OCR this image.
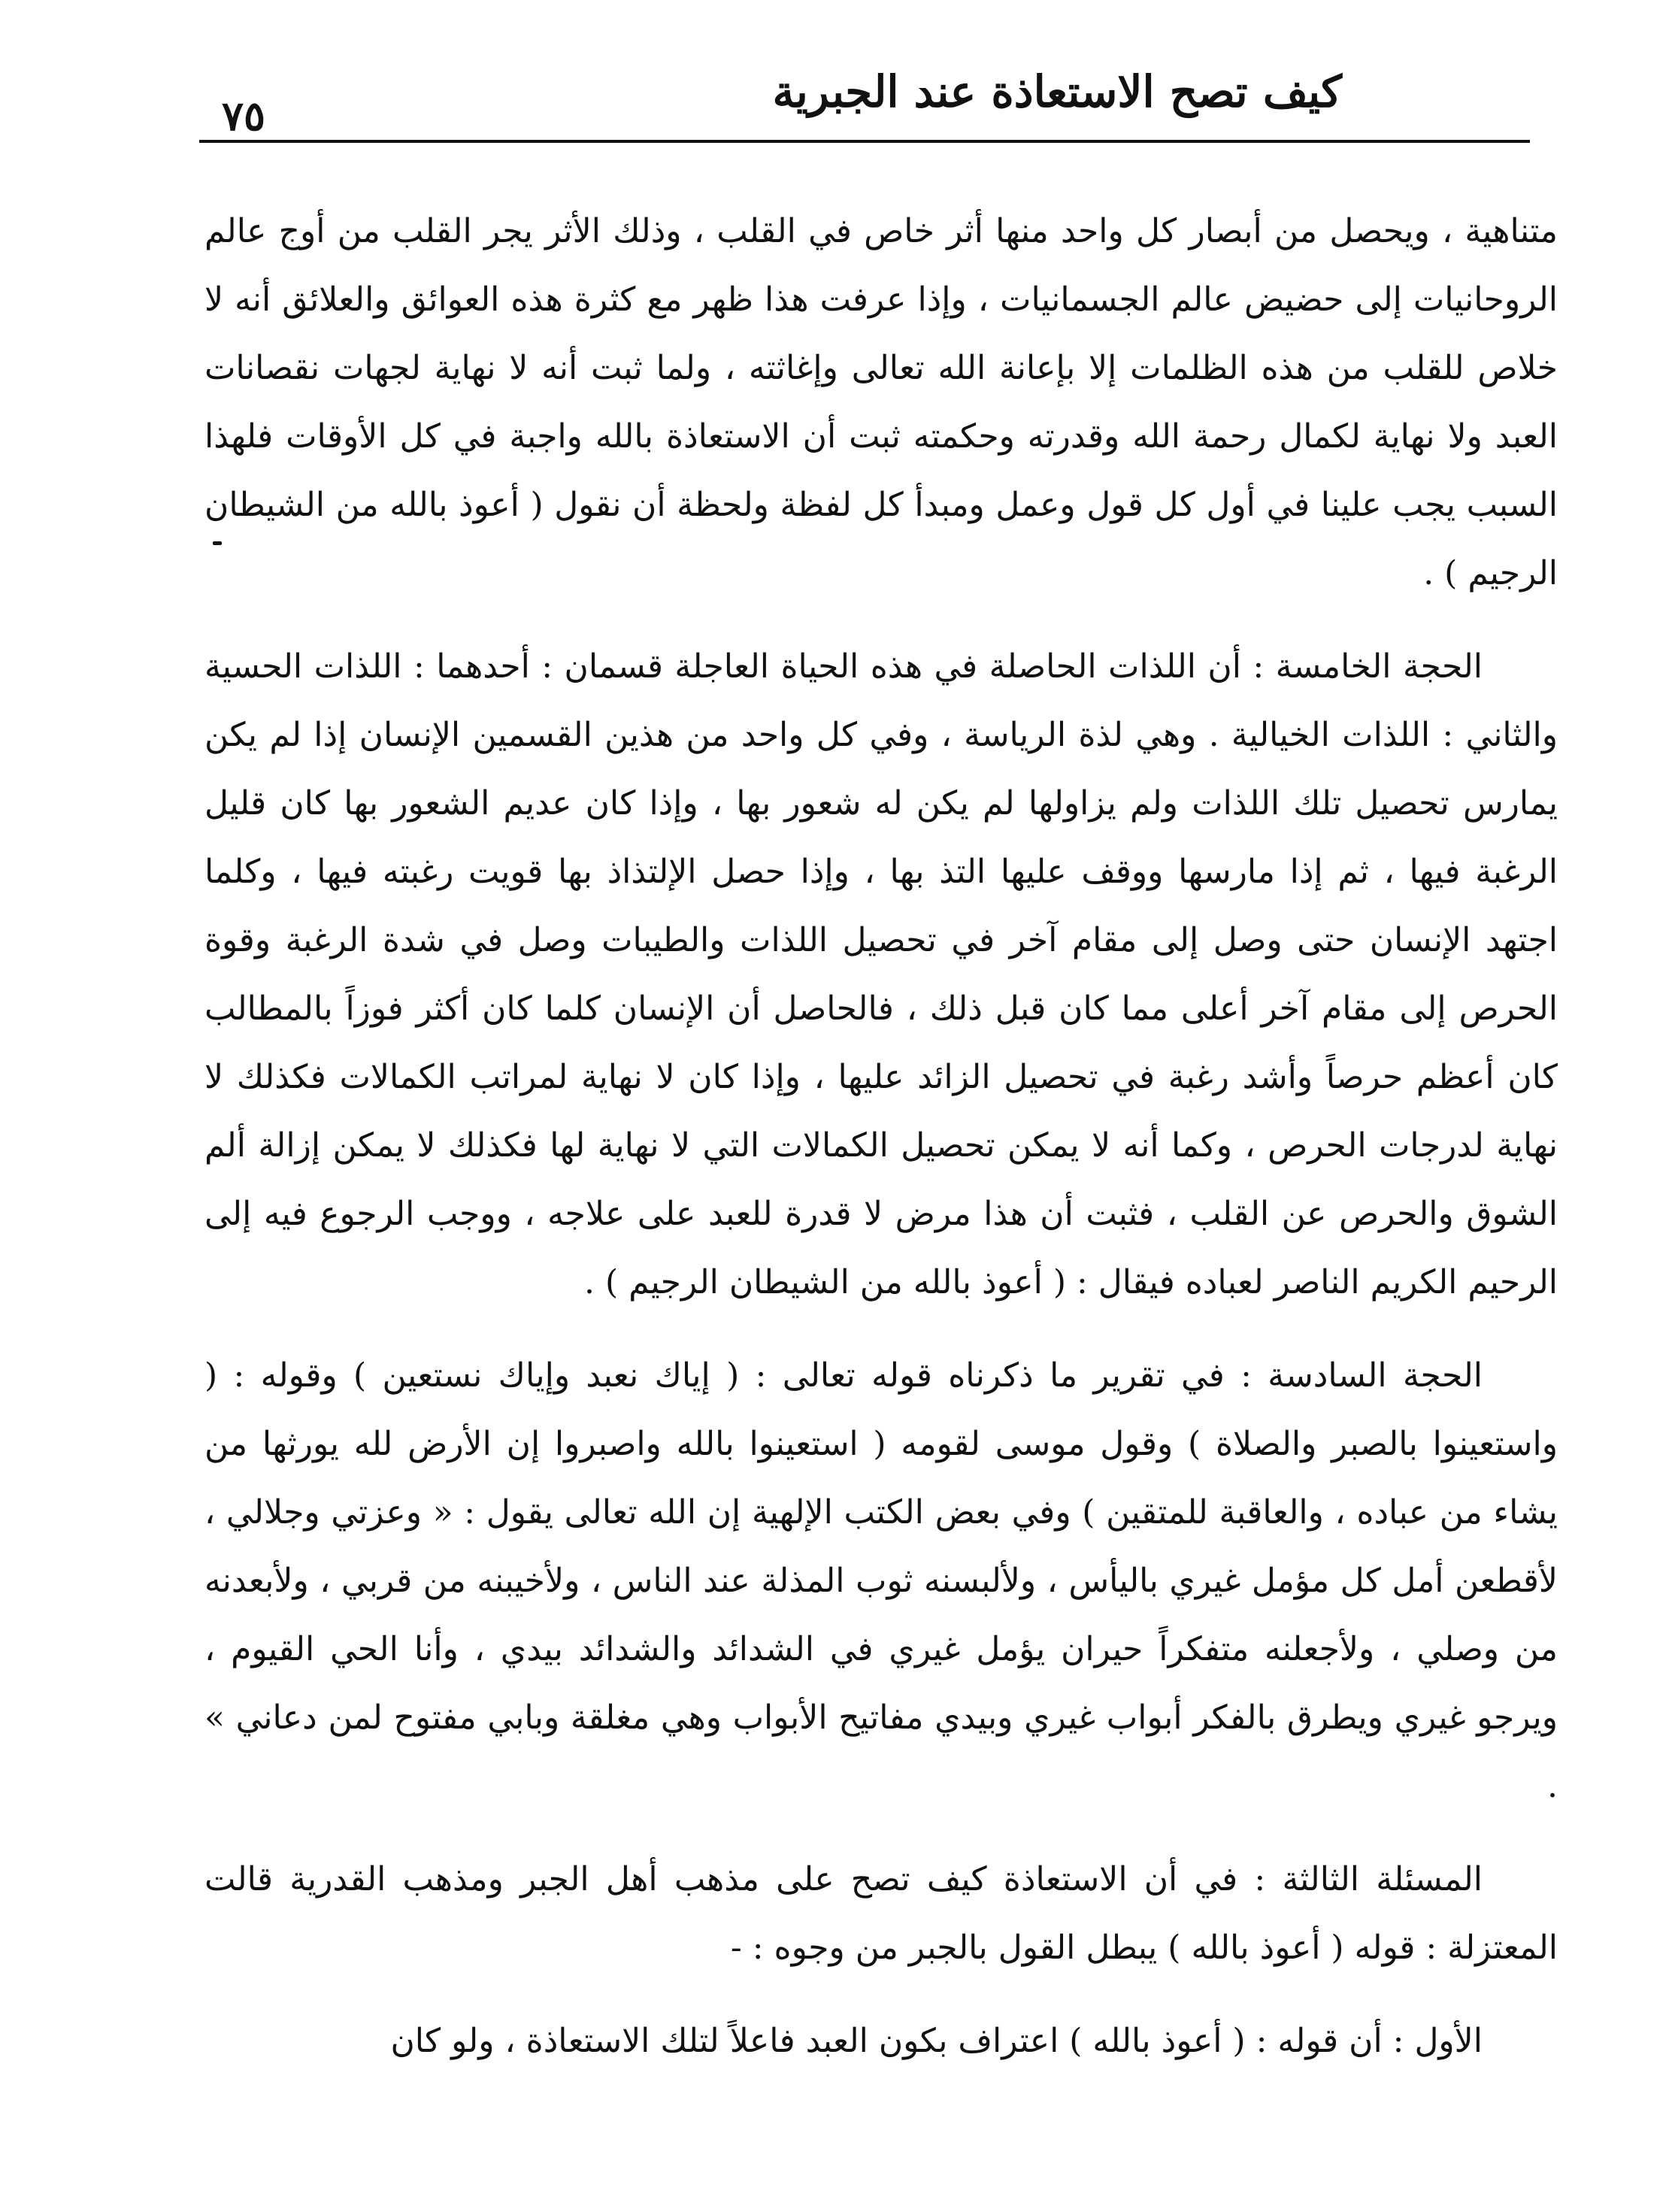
كيف تصح الاستعاذة عند الجبرية
٧٥

متناهية ، ويحصل من أبصار كل واحد منها أثر خاص في القلب ، وذلك الأثر يجر القلب من أوج عالم الروحانيات إلى حضيض عالم الجسمانيات ، وإذا عرفت هذا ظهر مع كثرة هذه العوائق والعلائق أنه لا خلاص للقلب من هذه الظلمات إلا بإعانة الله تعالى وإغاثته ، ولما ثبت أنه لا نهاية لجهات نقصانات العبد ولا نهاية لكمال رحمة الله وقدرته وحكمته ثبت أن الاستعاذة بالله واجبة في كل الأوقات فلهذا السبب يجب علينا في أول كل قول وعمل ومبدأ كل لفظة ولحظة أن نقول ( أعوذ بالله من الشيطان الرجيم ) .

الحجة الخامسة : أن اللذات الحاصلة في هذه الحياة العاجلة قسمان : أحدهما : اللذات الحسية والثاني : اللذات الخيالية . وهي لذة الرياسة ، وفي كل واحد من هذين القسمين الإنسان إذا لم يكن يمارس تحصيل تلك اللذات ولم يزاولها لم يكن له شعور بها ، وإذا كان عديم الشعور بها كان قليل الرغبة فيها ، ثم إذا مارسها ووقف عليها التذ بها ، وإذا حصل الإلتذاذ بها قويت رغبته فيها ، وكلما اجتهد الإنسان حتى وصل إلى مقام آخر في تحصيل اللذات والطيبات وصل في شدة الرغبة وقوة الحرص إلى مقام آخر أعلى مما كان قبل ذلك ، فالحاصل أن الإنسان كلما كان أكثر فوزاً بالمطالب كان أعظم حرصاً وأشد رغبة في تحصيل الزائد عليها ، وإذا كان لا نهاية لمراتب الكمالات فكذلك لا نهاية لدرجات الحرص ، وكما أنه لا يمكن تحصيل الكمالات التي لا نهاية لها فكذلك لا يمكن إزالة ألم الشوق والحرص عن القلب ، فثبت أن هذا مرض لا قدرة للعبد على علاجه ، ووجب الرجوع فيه إلى الرحيم الكريم الناصر لعباده فيقال : ( أعوذ بالله من الشيطان الرجيم ) .

الحجة السادسة : في تقرير ما ذكرناه قوله تعالى : ( إياك نعبد وإياك نستعين ) وقوله : ( واستعينوا بالصبر والصلاة ) وقول موسى لقومه ( استعينوا بالله واصبروا إن الأرض لله يورثها من يشاء من عباده ، والعاقبة للمتقين ) وفي بعض الكتب الإلهية إن الله تعالى يقول : « وعزتي وجلالي ، لأقطعن أمل كل مؤمل غيري باليأس ، ولألبسنه ثوب المذلة عند الناس ، ولأخيبنه من قربي ، ولأبعدنه من وصلي ، ولأجعلنه متفكراً حيران يؤمل غيري في الشدائد والشدائد بيدي ، وأنا الحي القيوم ، ويرجو غيري ويطرق بالفكر أبواب غيري وبيدي مفاتيح الأبواب وهي مغلقة وبابي مفتوح لمن دعاني » .

المسئلة الثالثة : في أن الاستعاذة كيف تصح على مذهب أهل الجبر ومذهب القدرية قالت المعتزلة : قوله ( أعوذ بالله ) يبطل القول بالجبر من وجوه : -

الأول : أن قوله : ( أعوذ بالله ) اعتراف بكون العبد فاعلاً لتلك الاستعاذة ، ولو كان
